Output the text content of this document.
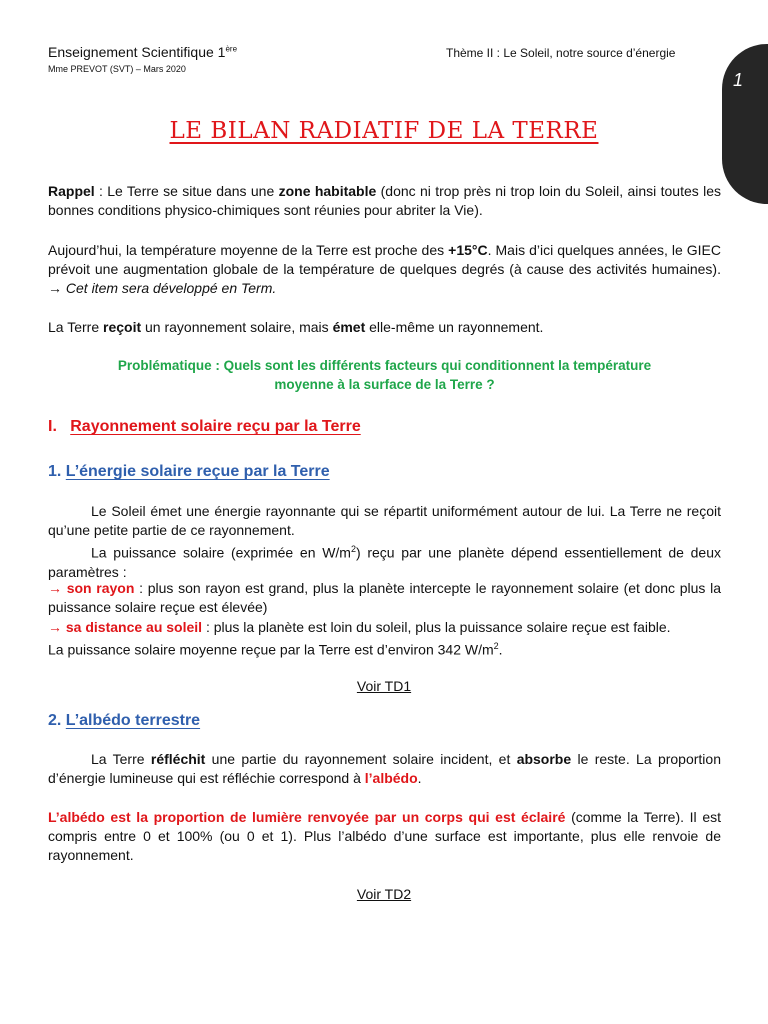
Enseignement Scientifique 1ère
Mme PREVOT (SVT) – Mars 2020
Thème II : Le Soleil, notre source d’énergie
1
LE BILAN RADIATIF DE LA TERRE
Rappel : Le Terre se situe dans une zone habitable (donc ni trop près ni trop loin du Soleil, ainsi toutes les bonnes conditions physico-chimiques sont réunies pour abriter la Vie).
Aujourd’hui, la température moyenne de la Terre est proche des +15°C. Mais d’ici quelques années, le GIEC prévoit une augmentation globale de la température de quelques degrés (à cause des activités humaines). → Cet item sera développé en Term.
La Terre reçoit un rayonnement solaire, mais émet elle-même un rayonnement.
Problématique : Quels sont les différents facteurs qui conditionnent la température
moyenne à la surface de la Terre ?
I. Rayonnement solaire reçu par la Terre
1. L’énergie solaire reçue par la Terre
Le Soleil émet une énergie rayonnante qui se répartit uniformément autour de lui. La Terre ne reçoit qu’une petite partie de ce rayonnement.
La puissance solaire (exprimée en $W/m^2$) reçu par une planète dépend essentiellement de deux paramètres :
→ son rayon : plus son rayon est grand, plus la planète intercepte le rayonnement solaire (et donc plus la puissance solaire reçue est élevée)
→ sa distance au soleil : plus la planète est loin du soleil, plus la puissance solaire reçue est faible.
La puissance solaire moyenne reçue par la Terre est d’environ 342 $W/m^2$.
Voir TD1
2. L’albédo terrestre
La Terre réfléchit une partie du rayonnement solaire incident, et absorbe le reste. La proportion d’énergie lumineuse qui est réfléchie correspond à l’albédo.
L’albédo est la proportion de lumière renvoyée par un corps qui est éclairé (comme la Terre). Il est compris entre 0 et 100% (ou 0 et 1). Plus l’albédo d’une surface est importante, plus elle renvoie de rayonnement.
Voir TD2
